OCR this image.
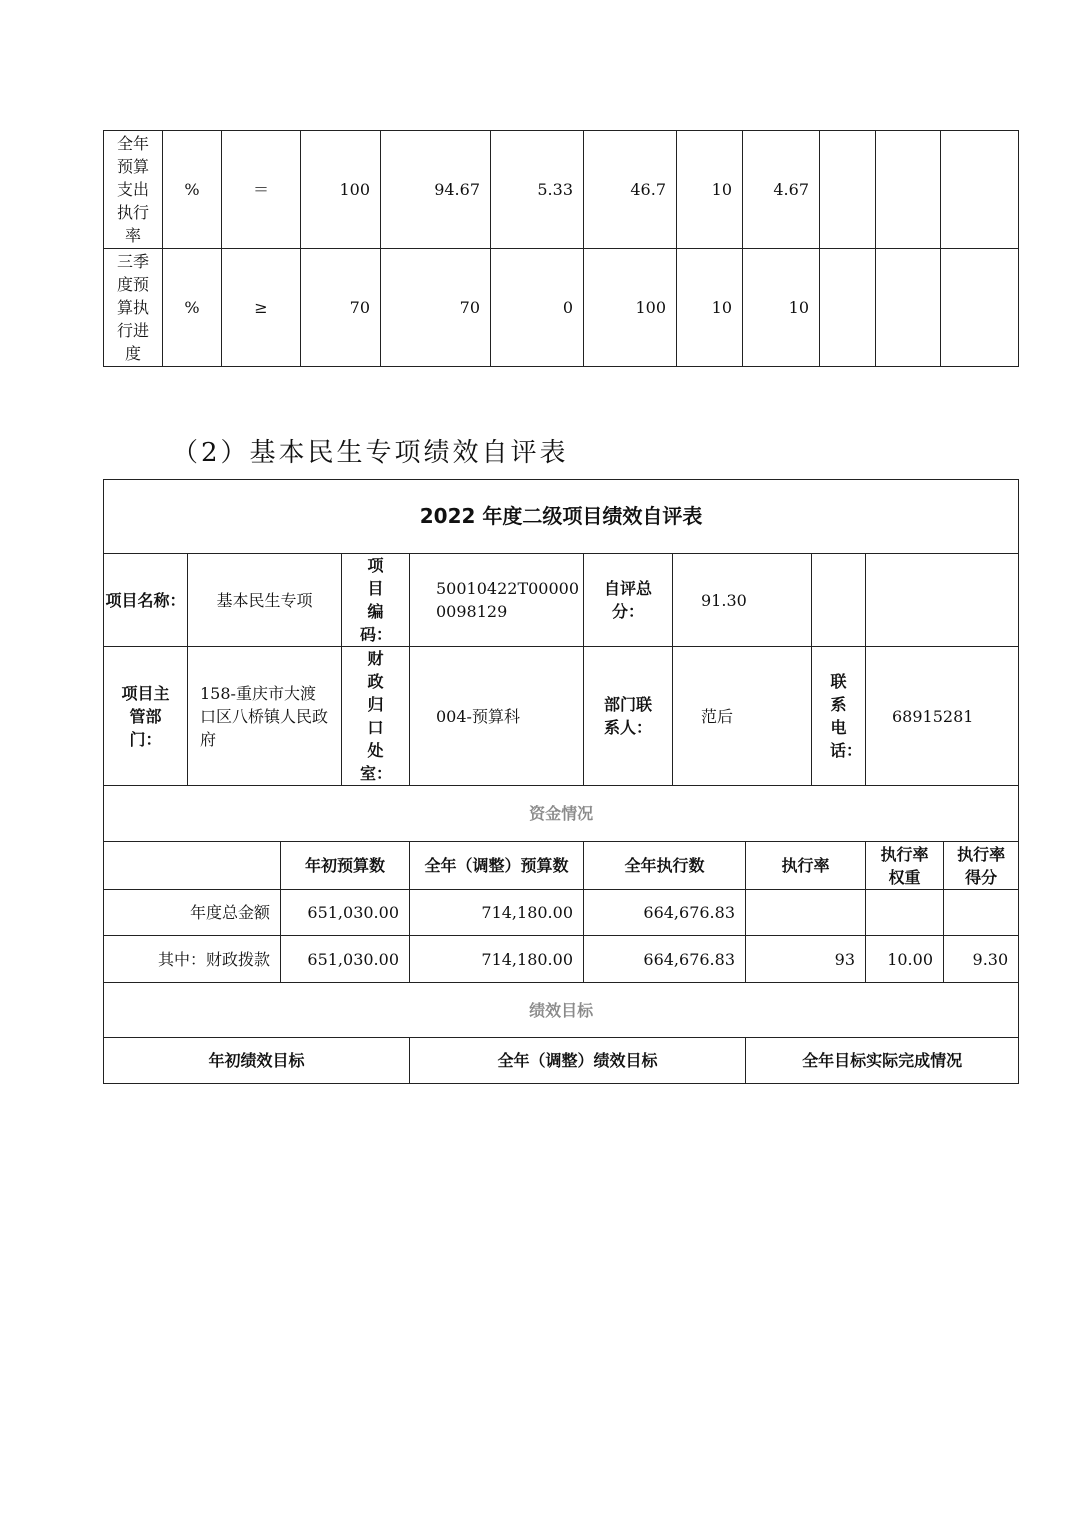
全年预算支出执行率	%	＝	100	94.67	5.33	46.7	10	4.67			
三季度预算执行进度	%	≥	70	70	0	100	10	10			
（2）基本民生专项绩效自评表
2022 年度二级项目绩效自评表										
项目名称：	基本民生专项		项目编码：	50010422T000000098129	自评总分：	91.30				
项目主管部门：	158-重庆市大渡口区八桥镇人民政府		财政归口处室：	004-预算科	部门联系人：	范后		联系电话：	68915281	
资金情况										
		年初预算数		全年（调整）预算数	全年执行数		执行率		执行率权重	执行率得分
年度总金额		651,030.00		714,180.00	664,676.83					
其中：财政拨款		651,030.00		714,180.00	664,676.83		93		10.00	9.30
绩效目标										
年初绩效目标				全年（调整）绩效目标			全年目标实际完成情况			
